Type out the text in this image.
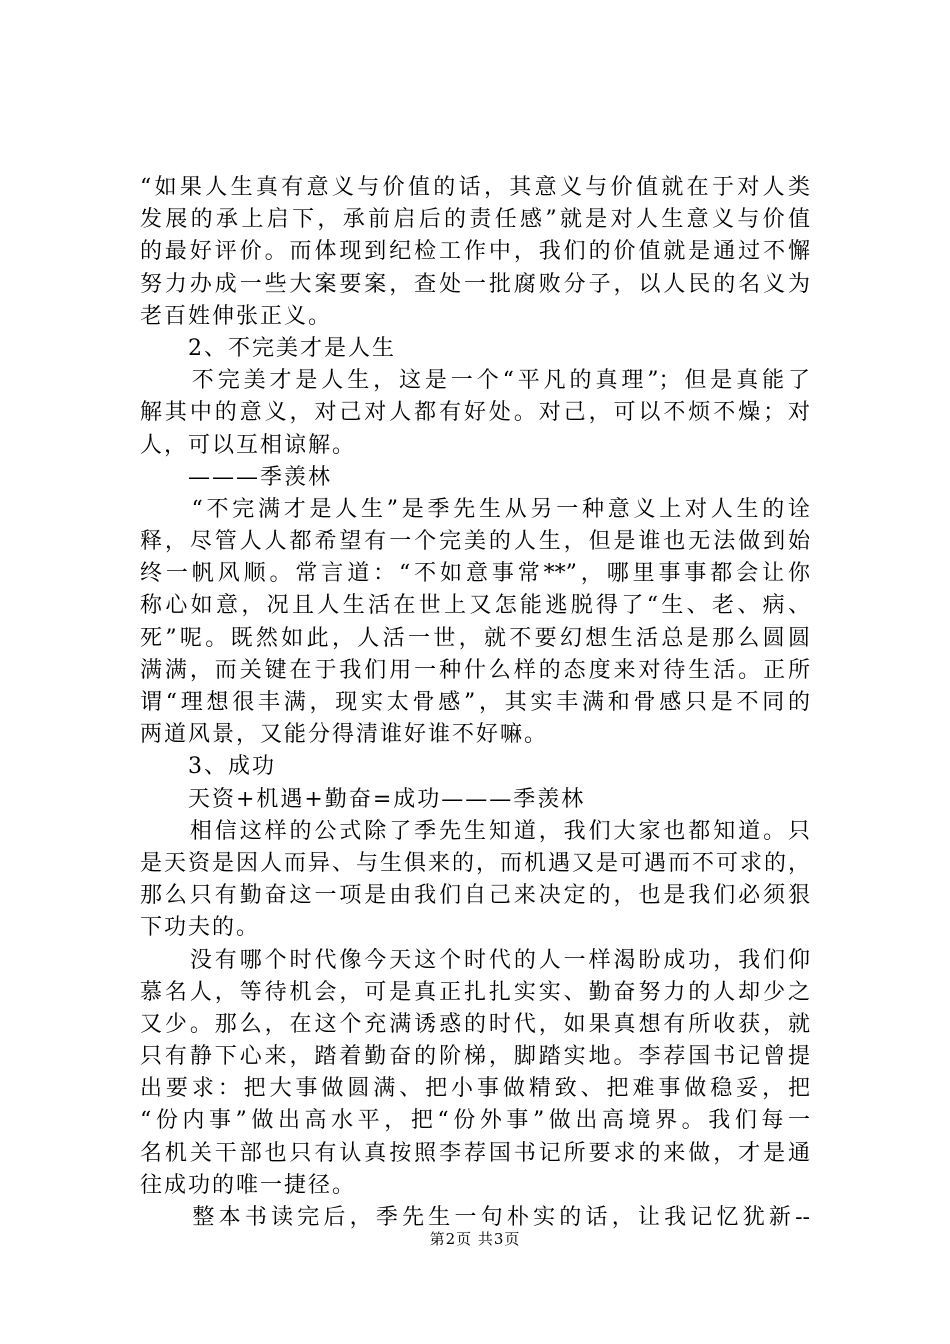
“如果人生真有意义与价值的话，其意义与价值就在于对人类
发展的承上启下，承前启后的责任感”就是对人生意义与价值
的最好评价。而体现到纪检工作中，我们的价值就是通过不懈
努力办成一些大案要案，查处一批腐败分子，以人民的名义为
老百姓伸张正义。
　　2、不完美才是人生
　　不完美才是人生，这是一个“平凡的真理”；但是真能了
解其中的意义，对己对人都有好处。对己，可以不烦不燥；对
人，可以互相谅解。
　　———季羡林
　　“不完满才是人生”是季先生从另一种意义上对人生的诠
释，尽管人人都希望有一个完美的人生，但是谁也无法做到始
终一帆风顺。常言道：“不如意事常**”，哪里事事都会让你
称心如意，况且人生活在世上又怎能逃脱得了“生、老、病、
死”呢。既然如此，人活一世，就不要幻想生活总是那么圆圆
满满，而关键在于我们用一种什么样的态度来对待生活。正所
谓“理想很丰满，现实太骨感”，其实丰满和骨感只是不同的
两道风景，又能分得清谁好谁不好嘛。
　　3、成功
　　天资+机遇+勤奋=成功———季羡林
　　相信这样的公式除了季先生知道，我们大家也都知道。只
是天资是因人而异、与生俱来的，而机遇又是可遇而不可求的，
那么只有勤奋这一项是由我们自己来决定的，也是我们必须狠
下功夫的。
　　没有哪个时代像今天这个时代的人一样渴盼成功，我们仰
慕名人，等待机会，可是真正扎扎实实、勤奋努力的人却少之
又少。那么，在这个充满诱惑的时代，如果真想有所收获，就
只有静下心来，踏着勤奋的阶梯，脚踏实地。李荐国书记曾提
出要求：把大事做圆满、把小事做精致、把难事做稳妥，把
“份内事”做出高水平，把“份外事”做出高境界。我们每一
名机关干部也只有认真按照李荐国书记所要求的来做，才是通
往成功的唯一捷径。
　　整本书读完后，季先生一句朴实的话，让我记忆犹新--
第2页 共3页
